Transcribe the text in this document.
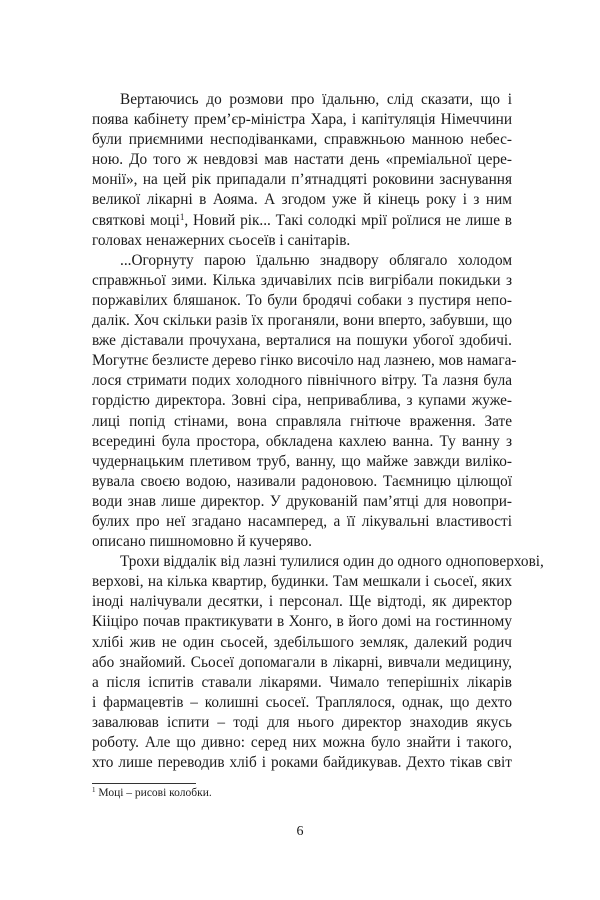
Вертаючись до розмови про їдальню, слід сказати, що і
поява кабінету прем’єр-міністра Хара, і капітуляція Німеччини
були приємними несподіванками, справжньою манною небес-
ною. До того ж невдовзі мав настати день «преміальної цере-
монії», на цей рік припадали п’ятнадцяті роковини заснування
великої лікарні в Аояма. А згодом уже й кінець року і з ним
святкові моці$^1$, Новий рік... Такі солодкі мрії роїлися не лише в
головах ненажерних сьосеїв і санітарів.

...Огорнуту парою їдальню знадвору облягало холодом
справжньої зими. Кілька здичавілих псів вигрібали покидьки з
поржавілих бляшанок. То були бродячі собаки з пустиря непо-
далік. Хоч скільки разів їх проганяли, вони вперто, забувши, що
вже діставали прочухана, верталися на пошуки убогої здобичі.
Могутнє безлисте дерево гінко височіло над лазнею, мов намага-
лося стримати подих холодного північного вітру. Та лазня була
гордістю директора. Зовні сіра, неприваблива, з купами жуже-
лиці попід стінами, вона справляла гнітюче враження. Зате
всередині була простора, обкладена кахлею ванна. Ту ванну з
чудернацьким плетивом труб, ванну, що майже завжди виліко-
вувала своєю водою, називали радоновою. Таємницю цілющої
води знав лише директор. У друкованій пам’ятці для новопри-
булих про неї згадано насамперед, а її лікувальні властивості
описано пишномовно й кучеряво.

Трохи віддалік від лазні тулилися один до одного одноповерхові,
верхові, на кілька квартир, будинки. Там мешкали і сьосеї, яких
іноді налічували десятки, і персонал. Ще відтоді, як директор
Кііціро почав практикувати в Хонго, в його домі на гостинному
хлібі жив не один сьосей, здебільшого земляк, далекий родич
або знайомий. Сьосеї допомагали в лікарні, вивчали медицину,
а після іспитів ставали лікарями. Чимало теперішніх лікарів
і фармацевтів – колишні сьосеї. Траплялося, однак, що дехто
завалював іспити – тоді для нього директор знаходив якусь
роботу. Але що дивно: серед них можна було знайти і такого,
хто лише переводив хліб і роками байдикував. Дехто тікав світ

$^1$ Моці – рисові колобки.
6
